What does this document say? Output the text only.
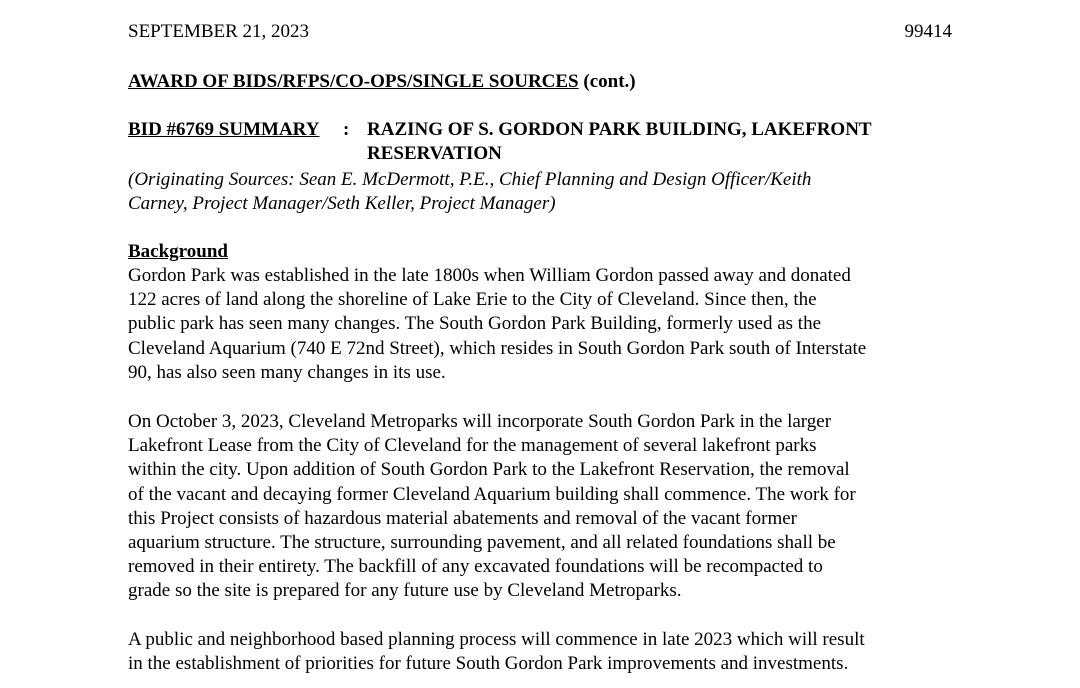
SEPTEMBER 21, 2023	99414
AWARD OF BIDS/RFPS/CO-OPS/SINGLE SOURCES (cont.)
BID #6769 SUMMARY : RAZING OF S. GORDON PARK BUILDING, LAKEFRONT RESERVATION
(Originating Sources: Sean E. McDermott, P.E., Chief Planning and Design Officer/Keith
Carney, Project Manager/Seth Keller, Project Manager)
Background
Gordon Park was established in the late 1800s when William Gordon passed away and donated
122 acres of land along the shoreline of Lake Erie to the City of Cleveland. Since then, the
public park has seen many changes. The South Gordon Park Building, formerly used as the
Cleveland Aquarium (740 E 72nd Street), which resides in South Gordon Park south of Interstate
90, has also seen many changes in its use.
On October 3, 2023, Cleveland Metroparks will incorporate South Gordon Park in the larger
Lakefront Lease from the City of Cleveland for the management of several lakefront parks
within the city. Upon addition of South Gordon Park to the Lakefront Reservation, the removal
of the vacant and decaying former Cleveland Aquarium building shall commence. The work for
this Project consists of hazardous material abatements and removal of the vacant former
aquarium structure. The structure, surrounding pavement, and all related foundations shall be
removed in their entirety. The backfill of any excavated foundations will be recompacted to
grade so the site is prepared for any future use by Cleveland Metroparks.
A public and neighborhood based planning process will commence in late 2023 which will result
in the establishment of priorities for future South Gordon Park improvements and investments.
